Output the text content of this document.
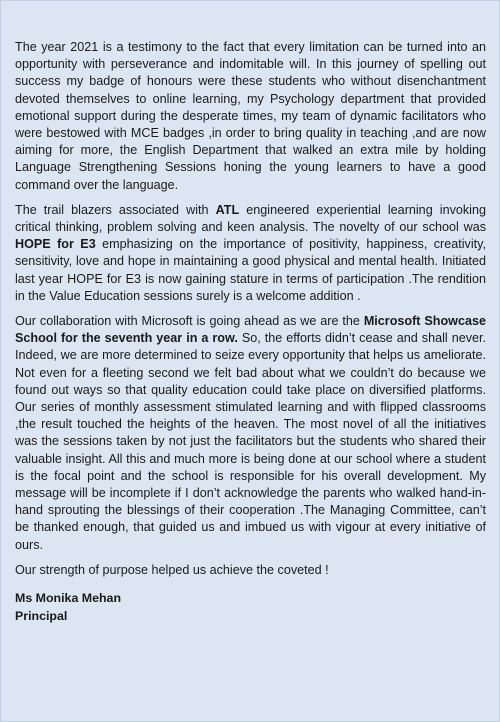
The year 2021 is a testimony to the fact that every limitation can be turned into an opportunity with perseverance and indomitable will. In this journey of spelling out success my badge of honours were these students who without disenchantment devoted themselves to online learning, my Psychology department that provided emotional support during the desperate times, my team of dynamic facilitators who were bestowed with MCE badges ,in order to bring quality in teaching ,and are now aiming for more, the English Department that walked an extra mile by holding Language Strengthening Sessions honing the young learners to have a good command over the language.

The trail blazers associated with ATL engineered experiential learning invoking critical thinking, problem solving and keen analysis. The novelty of our school was HOPE for E3 emphasizing on the importance of positivity, happiness, creativity, sensitivity, love and hope in maintaining a good physical and mental health. Initiated last year HOPE for E3 is now gaining stature in terms of participation .The rendition in the Value Education sessions surely is a welcome addition .

Our collaboration with Microsoft is going ahead as we are the Microsoft Showcase School for the seventh year in a row. So, the efforts didn’t cease and shall never. Indeed, we are more determined to seize every opportunity that helps us ameliorate. Not even for a fleeting second we felt bad about what we couldn’t do because we found out ways so that quality education could take place on diversified platforms. Our series of monthly assessment stimulated learning and with flipped classrooms ,the result touched the heights of the heaven. The most novel of all the initiatives was the sessions taken by not just the facilitators but the students who shared their valuable insight. All this and much more is being done at our school where a student is the focal point and the school is responsible for his overall development. My message will be incomplete if I don’t acknowledge the parents who walked hand-in-hand sprouting the blessings of their cooperation .The Managing Committee, can’t be thanked enough, that guided us and imbued us with vigour at every initiative of ours.

Our strength of purpose helped us achieve the coveted !

Ms Monika Mehan

Principal
